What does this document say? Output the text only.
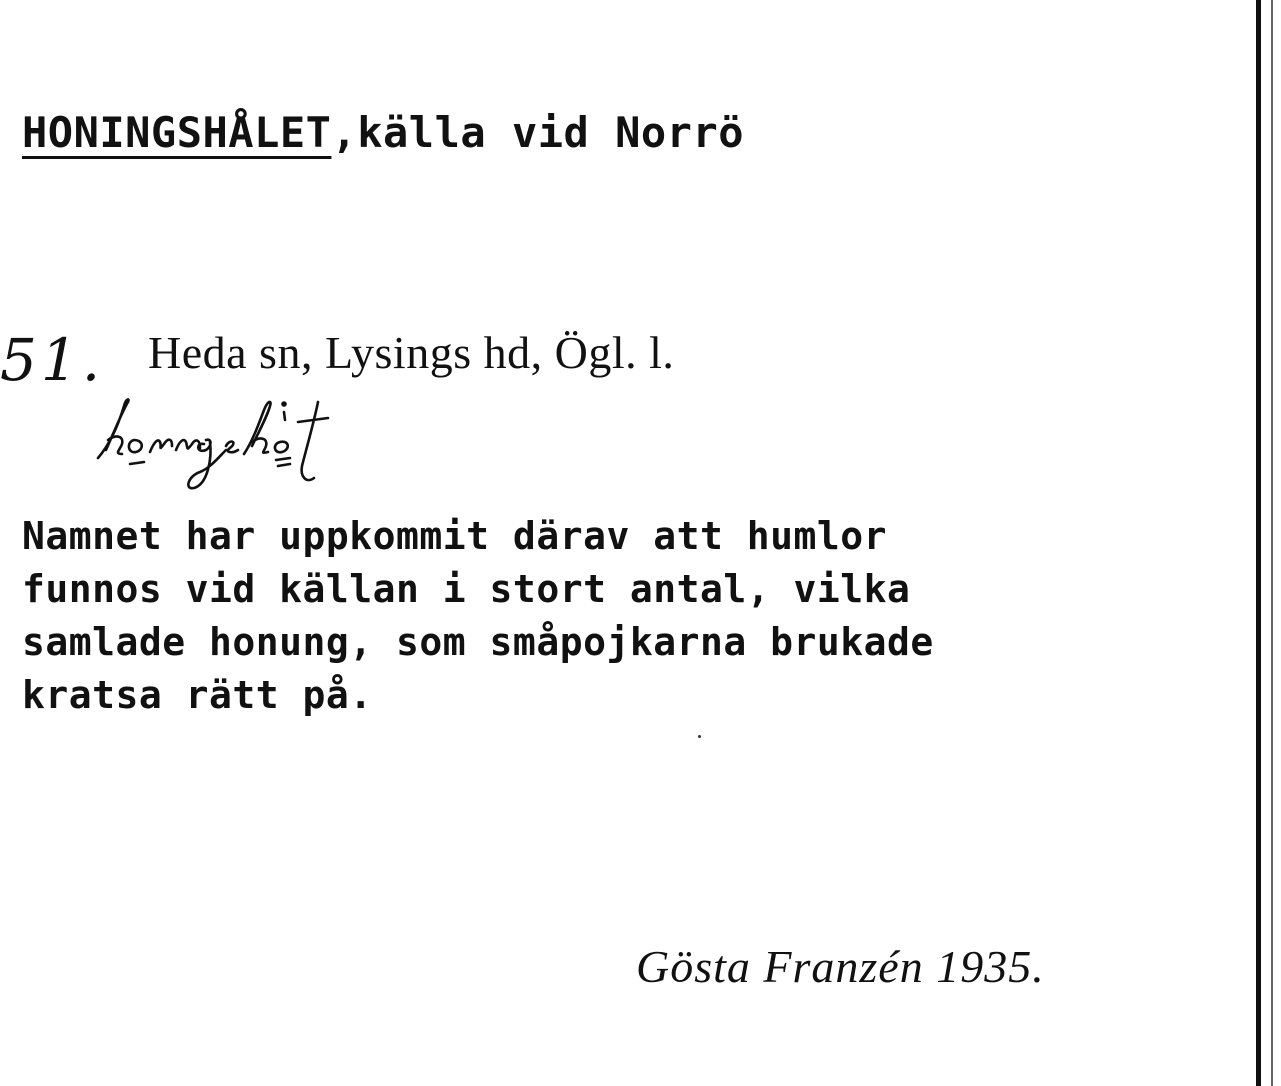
HONINGSHÅLET,källa vid Norrö
51. Heda sn, Lysings hd, Ögl. l.
Namnet har uppkommit därav att humlor
funnos vid källan i stort antal, vilka
samlade honung, som småpojkarna brukade
kratsa rätt på.
Gösta Franzén 1935.
